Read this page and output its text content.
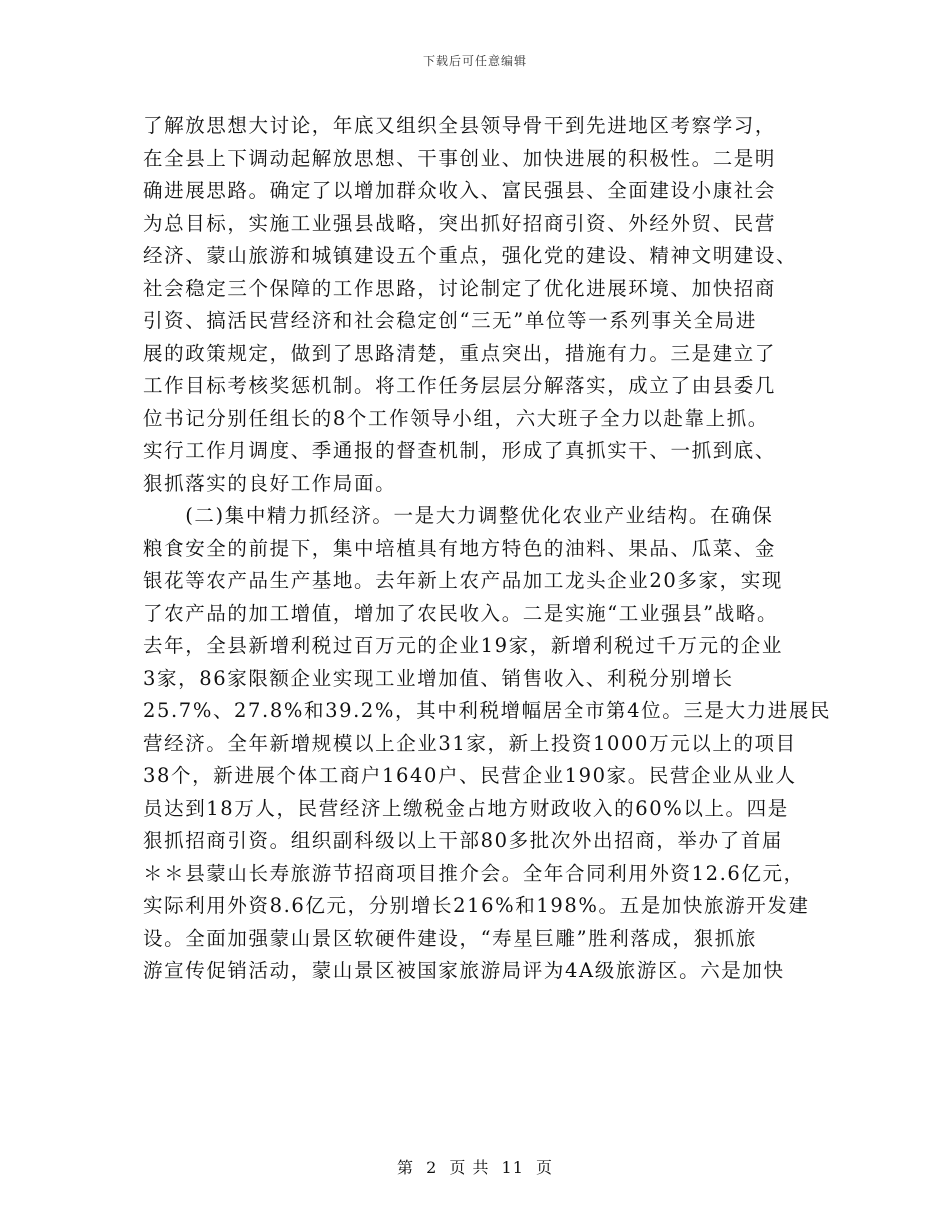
下载后可任意编辑
了解放思想大讨论，年底又组织全县领导骨干到先进地区考察学习，
在全县上下调动起解放思想、干事创业、加快进展的积极性。二是明
确进展思路。确定了以增加群众收入、富民强县、全面建设小康社会
为总目标，实施工业强县战略，突出抓好招商引资、外经外贸、民营
经济、蒙山旅游和城镇建设五个重点，强化党的建设、精神文明建设、
社会稳定三个保障的工作思路，讨论制定了优化进展环境、加快招商
引资、搞活民营经济和社会稳定创“三无”单位等一系列事关全局进
展的政策规定，做到了思路清楚，重点突出，措施有力。三是建立了
工作目标考核奖惩机制。将工作任务层层分解落实，成立了由县委几
位书记分别任组长的8个工作领导小组，六大班子全力以赴靠上抓。
实行工作月调度、季通报的督查机制，形成了真抓实干、一抓到底、
狠抓落实的良好工作局面。
　　(二)集中精力抓经济。一是大力调整优化农业产业结构。在确保
粮食安全的前提下，集中培植具有地方特色的油料、果品、瓜菜、金
银花等农产品生产基地。去年新上农产品加工龙头企业20多家，实现
了农产品的加工增值，增加了农民收入。二是实施“工业强县”战略。
去年，全县新增利税过百万元的企业19家，新增利税过千万元的企业
3家，86家限额企业实现工业增加值、销售收入、利税分别增长
25.7%、27.8%和39.2%，其中利税增幅居全市第4位。三是大力进展民
营经济。全年新增规模以上企业31家，新上投资1000万元以上的项目
38个，新进展个体工商户1640户、民营企业190家。民营企业从业人
员达到18万人，民营经济上缴税金占地方财政收入的60%以上。四是
狠抓招商引资。组织副科级以上干部80多批次外出招商，举办了首届
＊＊县蒙山长寿旅游节招商项目推介会。全年合同利用外资12.6亿元，
实际利用外资8.6亿元，分别增长216%和198%。五是加快旅游开发建
设。全面加强蒙山景区软硬件建设，“寿星巨雕”胜利落成，狠抓旅
游宣传促销活动，蒙山景区被国家旅游局评为4A级旅游区。六是加快
第 2 页 共 11 页
